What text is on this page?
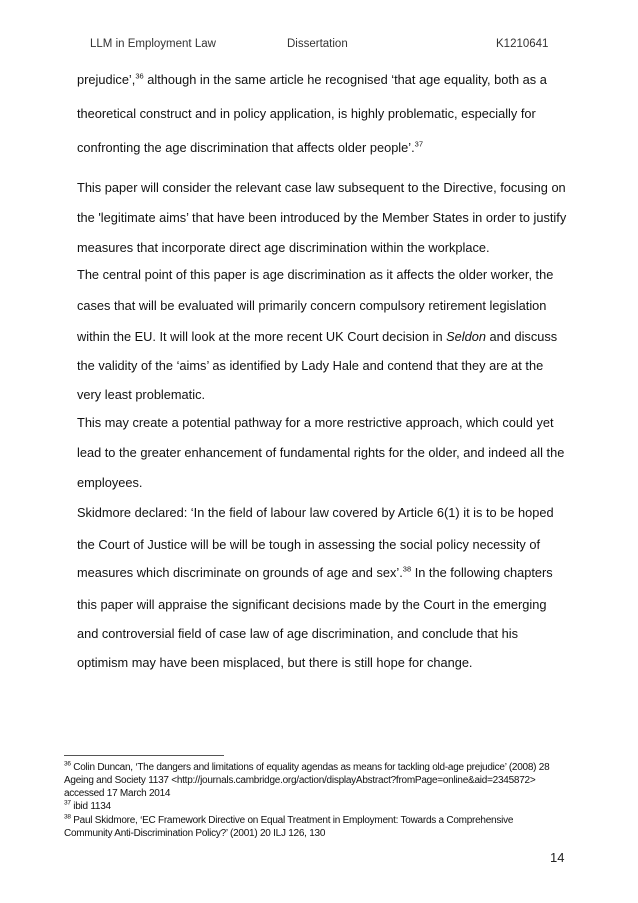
LLM in Employment Law	Dissertation	K1210641
prejudice’,$^{36}$ although in the same article he recognised ‘that age equality, both as a
theoretical construct and in policy application, is highly problematic, especially for
confronting the age discrimination that affects older people’.$^{37}$
This paper will consider the relevant case law subsequent to the Directive, focusing on
the 'legitimate aims’ that have been introduced by the Member States in order to justify
measures that incorporate direct age discrimination within the workplace.
The central point of this paper is age discrimination as it affects the older worker, the
cases that will be evaluated will primarily concern compulsory retirement legislation
within the EU. It will look at the more recent UK Court decision in Seldon and discuss
the validity of the ‘aims’ as identified by Lady Hale and contend that they are at the
very least problematic.
This may create a potential pathway for a more restrictive approach, which could yet
lead to the greater enhancement of fundamental rights for the older, and indeed all the
employees.
Skidmore declared: ‘In the field of labour law covered by Article 6(1) it is to be hoped
the Court of Justice will be will be tough in assessing the social policy necessity of
measures which discriminate on grounds of age and sex’.$^{38}$ In the following chapters
this paper will appraise the significant decisions made by the Court in the emerging
and controversial field of case law of age discrimination, and conclude that his
optimism may have been misplaced, but there is still hope for change.
$^{36}$ Colin Duncan, ‘The dangers and limitations of equality agendas as means for tackling old-age prejudice’ (2008) 28
Ageing and Society 1137 <http://journals.cambridge.org/action/displayAbstract?fromPage=online&aid=2345872>
accessed 17 March 2014
$^{37}$ ibid 1134
$^{38}$ Paul Skidmore, ‘EC Framework Directive on Equal Treatment in Employment: Towards a Comprehensive
Community Anti-Discrimination Policy?’ (2001) 20 ILJ 126, 130
14
